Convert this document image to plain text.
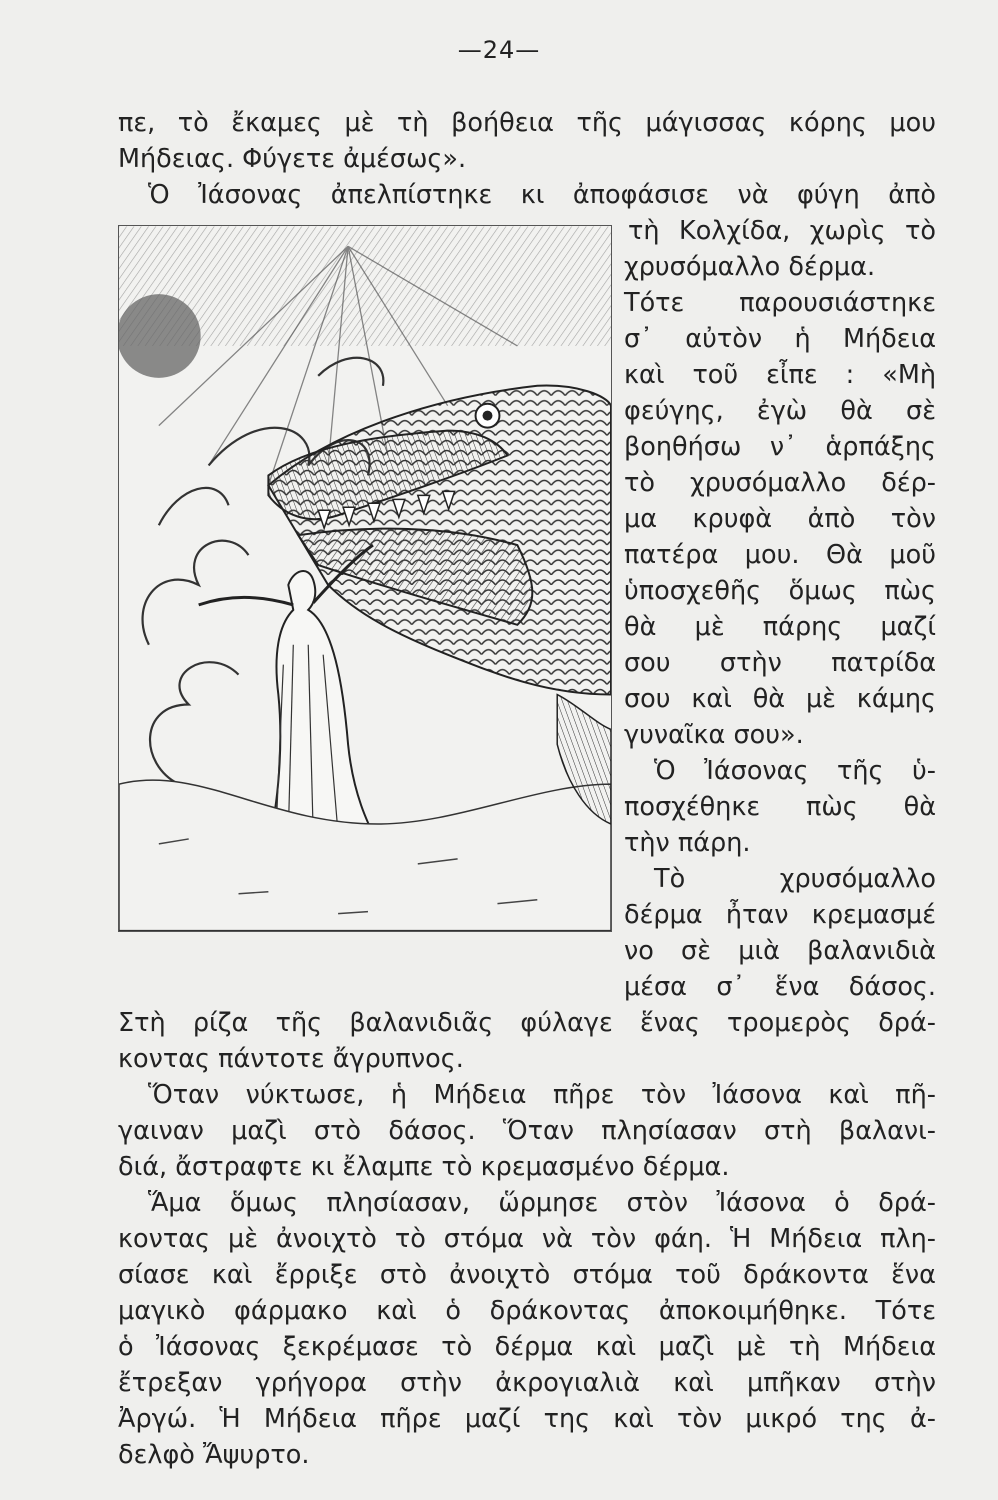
—24—
πε, τὸ ἔκαμες μὲ τὴ βοήθεια τῆς μάγισσας κόρης μου
Μήδειας. Φύγετε ἀμέσως».
Ὁ Ἰάσονας ἀπελπίστηκε κι ἀποφάσισε νὰ φύγη ἀπὸ
τὴ Κολχίδα, χωρὶς τὸ
χρυσόμαλλο δέρμα.
Τότε παρουσιάστηκε
σ᾿ αὐτὸν ἡ Μήδεια
καὶ τοῦ εἶπε : «Μὴ
φεύγης, ἐγὼ θὰ σὲ
βοηθήσω ν᾿ ἁρπάξης
τὸ χρυσόμαλλο δέρ-
μα κρυφὰ ἀπὸ τὸν
πατέρα μου. Θὰ μοῦ
ὑποσχεθῆς ὅμως πὼς
θὰ μὲ πάρης μαζί
σου στὴν πατρίδα
σου καὶ θὰ μὲ κάμης
γυναῖκα σου».
Ὁ Ἰάσονας τῆς ὑ-
ποσχέθηκε πὼς θὰ
τὴν πάρη.
Τὸ χρυσόμαλλο
δέρμα ἦταν κρεμασμέ
νο σὲ μιὰ βαλανιδιὰ
μέσα σ᾿ ἕνα δάσος.
Στὴ ρίζα τῆς βαλανιδιᾶς φύλαγε ἕνας τρομερὸς δρά-
κοντας πάντοτε ἄγρυπνος.
Ὅταν νύκτωσε, ἡ Μήδεια πῆρε τὸν Ἰάσονα καὶ πῆ-
γαιναν μαζὶ στὸ δάσος. Ὅταν πλησίασαν στὴ βαλανι-
διά, ἄστραφτε κι ἔλαμπε τὸ κρεμασμένο δέρμα.
Ἅμα ὅμως πλησίασαν, ὥρμησε στὸν Ἰάσονα ὁ δρά-
κοντας μὲ ἀνοιχτὸ τὸ στόμα νὰ τὸν φάη. Ἡ Μήδεια πλη-
σίασε καὶ ἔρριξε στὸ ἀνοιχτὸ στόμα τοῦ δράκοντα ἕνα
μαγικὸ φάρμακο καὶ ὁ δράκοντας ἀποκοιμήθηκε. Τότε
ὁ Ἰάσονας ξεκρέμασε τὸ δέρμα καὶ μαζὶ μὲ τὴ Μήδεια
ἔτρεξαν γρήγορα στὴν ἀκρογιαλιὰ καὶ μπῆκαν στὴν
Ἀργώ. Ἡ Μήδεια πῆρε μαζί της καὶ τὸν μικρό της ἀ-
δελφὸ Ἄψυρτο.
